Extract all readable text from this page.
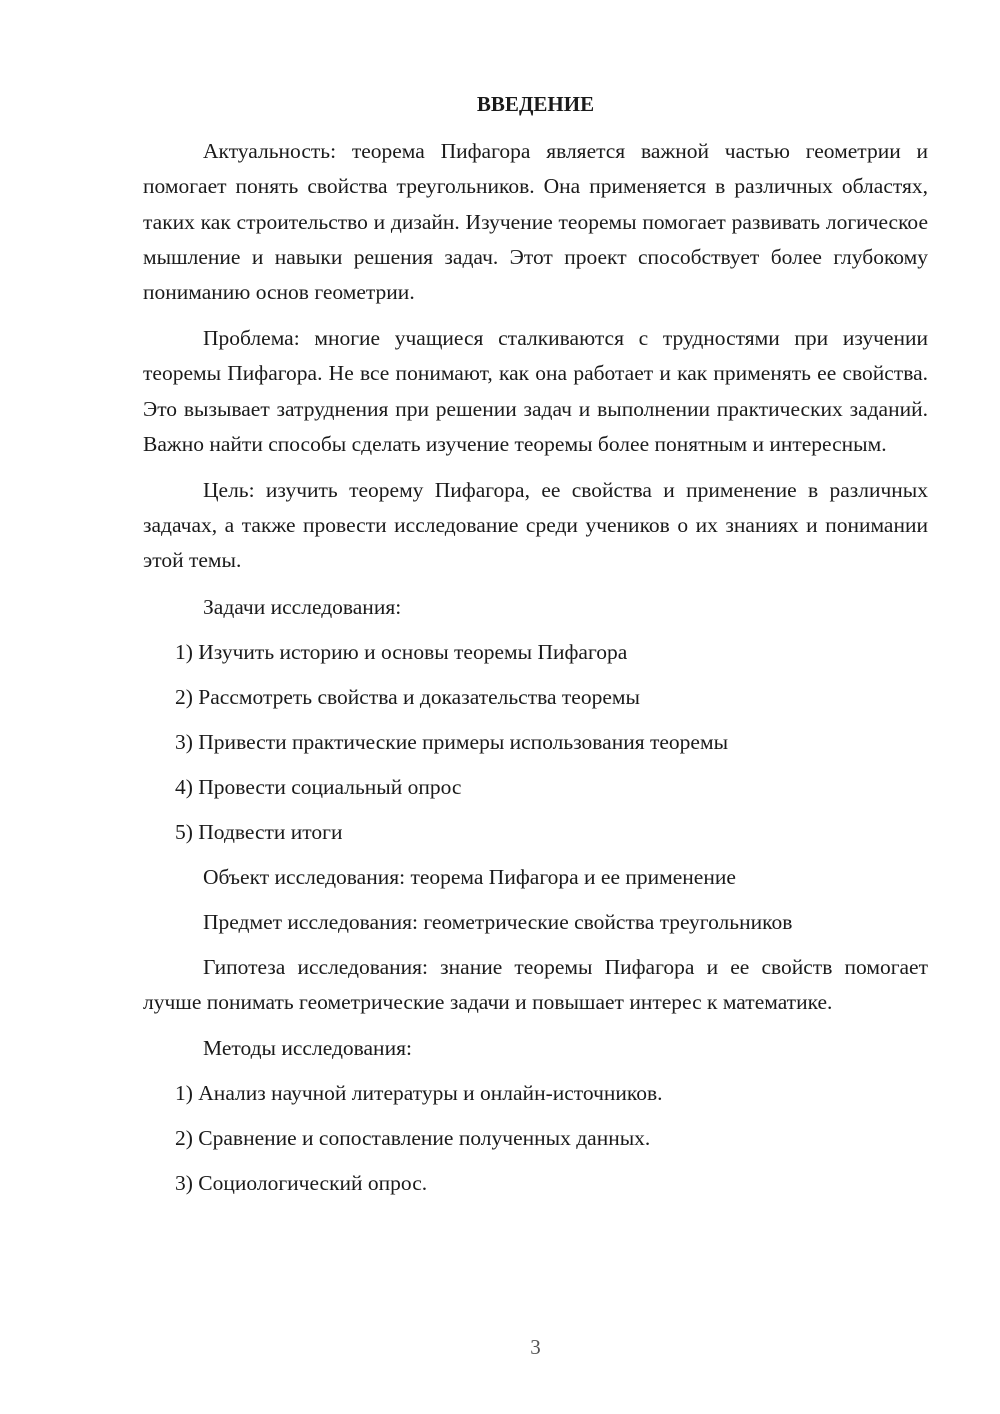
ВВЕДЕНИЕ

Актуальность: теорема Пифагора является важной частью геометрии и помогает понять свойства треугольников. Она применяется в различных областях, таких как строительство и дизайн. Изучение теоремы помогает развивать логическое мышление и навыки решения задач. Этот проект способствует более глубокому пониманию основ геометрии.

Проблема: многие учащиеся сталкиваются с трудностями при изучении теоремы Пифагора. Не все понимают, как она работает и как применять ее свойства. Это вызывает затруднения при решении задач и выполнении практических заданий. Важно найти способы сделать изучение теоремы более понятным и интересным.

Цель: изучить теорему Пифагора, ее свойства и применение в различных задачах, а также провести исследование среди учеников о их знаниях и понимании этой темы.

Задачи исследования:
1) Изучить историю и основы теоремы Пифагора
2) Рассмотреть свойства и доказательства теоремы
3) Привести практические примеры использования теоремы
4) Провести социальный опрос
5) Подвести итоги
Объект исследования: теорема Пифагора и ее применение
Предмет исследования: геометрические свойства треугольников

Гипотеза исследования: знание теоремы Пифагора и ее свойств помогает лучше понимать геометрические задачи и повышает интерес к математике.

Методы исследования:
1) Анализ научной литературы и онлайн-источников.
2) Сравнение и сопоставление полученных данных.
3) Социологический опрос.
3
